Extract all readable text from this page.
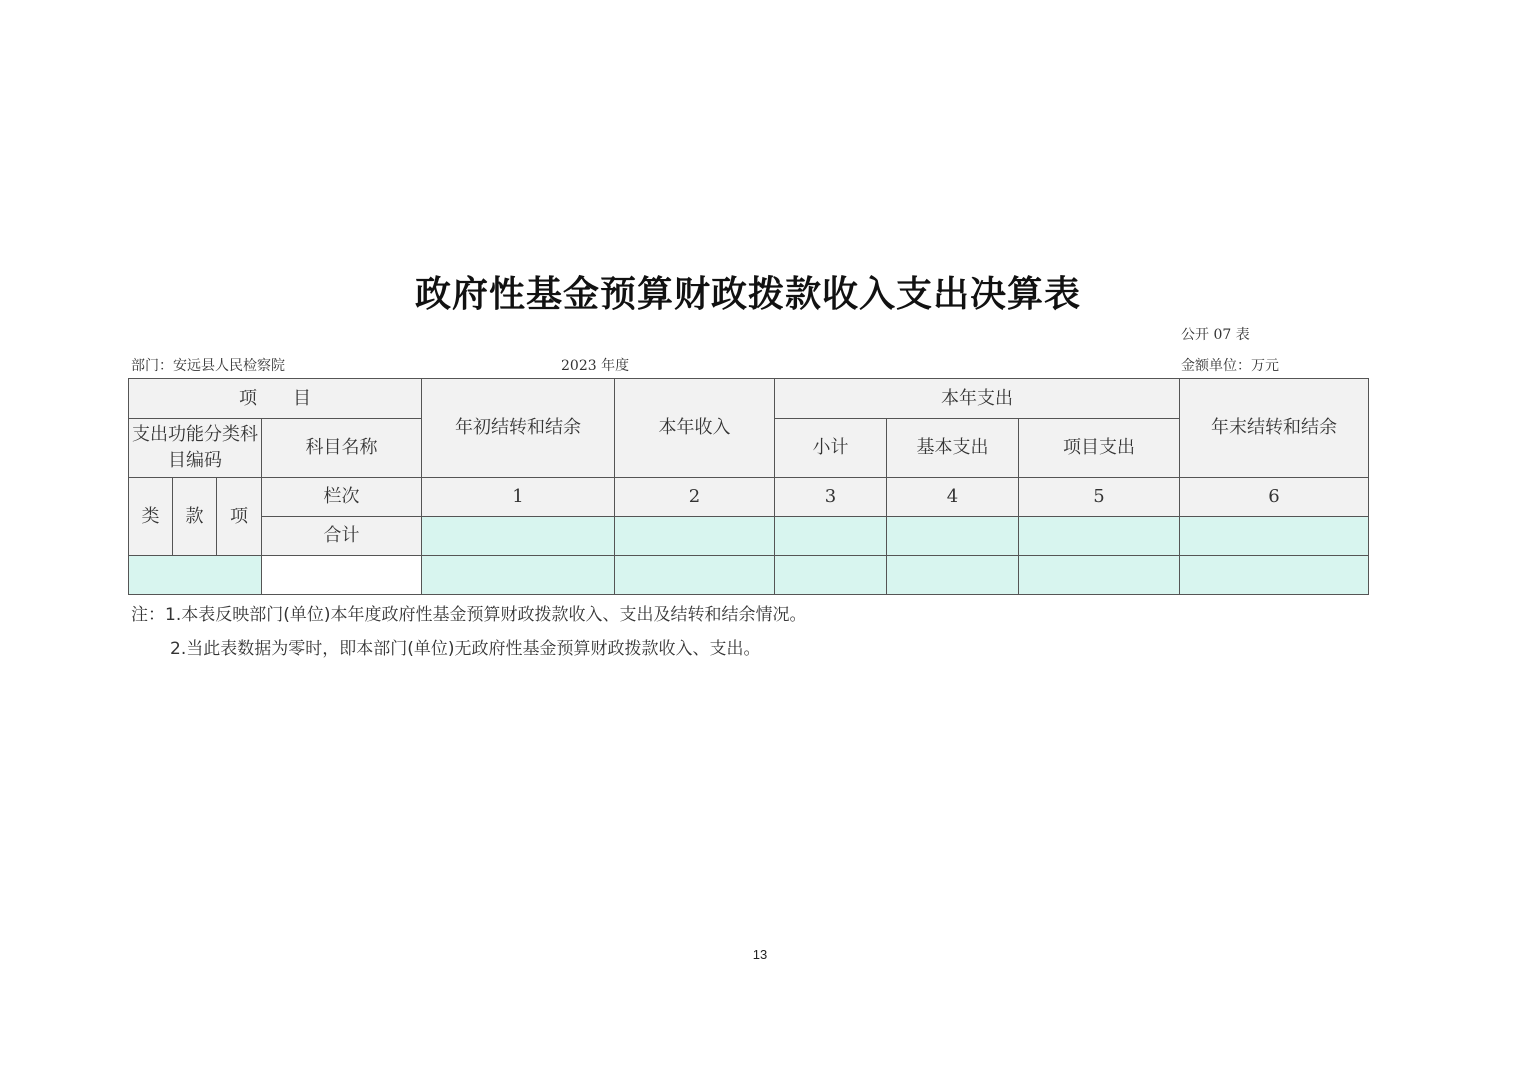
政府性基金预算财政拨款收入支出决算表
公开 07 表
部门：安远县人民检察院	2023 年度	金额单位：万元
项　　目				年初结转和结余	本年收入	本年支出			年末结转和结余
支出功能分类科目编码			科目名称			小计	基本支出	项目支出	
类	款	项	栏次	1	2	3	4	5	6
			合计						

注：1.本表反映部门(单位)本年度政府性基金预算财政拨款收入、支出及结转和结余情况。
2.当此表数据为零时，即本部门(单位)无政府性基金预算财政拨款收入、支出。
13
